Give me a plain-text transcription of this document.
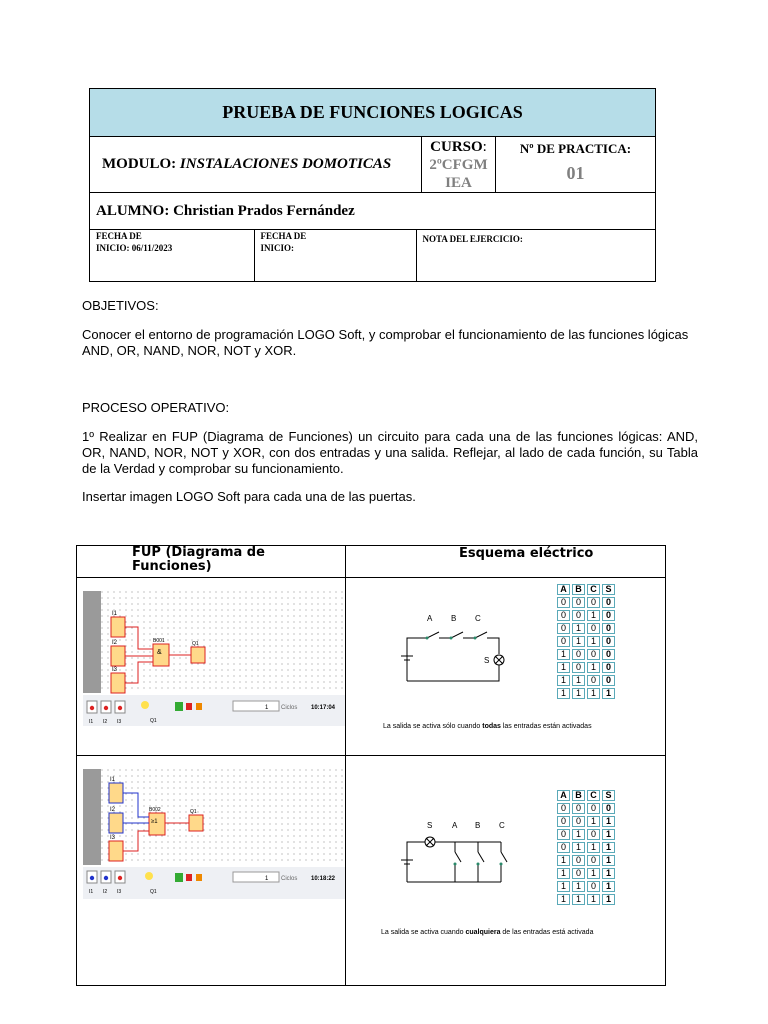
PRUEBA DE FUNCIONES LOGICAS
MODULO: INSTALACIONES DOMOTICAS	
CURSO:
2ºCFGM
IEA

Nº DE PRACTICA:
01

ALUMNO: Christian Prados Fernández

FECHA DE
INICIO: 06/11/2023

FECHA DE
INICIO:
	NOTA DEL EJERCICIO:
OBJETIVOS:
Conocer el entorno de programación LOGO Soft, y comprobar el funcionamiento de las funciones lógicas AND, OR, NAND, NOR, NOT y XOR.
PROCESO OPERATIVO:
1º Realizar en FUP (Diagrama de Funciones) un circuito para cada una de las funciones lógicas: AND, OR, NAND, NOR, NOT y XOR, con dos entradas y una salida. Reflejar, al lado de cada función, su Tabla de la Verdad y comprobar su funcionamiento.
Insertar imagen LOGO Soft para cada una de las puertas.
FUP (Diagrama de Funciones)
Esquema eléctrico
I1
I2
I3
B001
&
Q1
1 Ciclos 10:17:04
I1 I2 I3	Q1
A B C
S
A	B	C	S
0	0	0	0
0	0	1	0
0	1	0	0
0	1	1	0
1	0	0	0
1	0	1	0
1	1	0	0
1	1	1	1
La salida se activa sólo cuando todas las entradas están activadas
I1
I2
I3
B002
≥1
Q1
1 Ciclos 10:18:22
I1 I2 I3	Q1
S A B C
A	B	C	S
0	0	0	0
0	0	1	1
0	1	0	1
0	1	1	1
1	0	0	1
1	0	1	1
1	1	0	1
1	1	1	1
La salida se activa cuando cualquiera de las entradas está activada
